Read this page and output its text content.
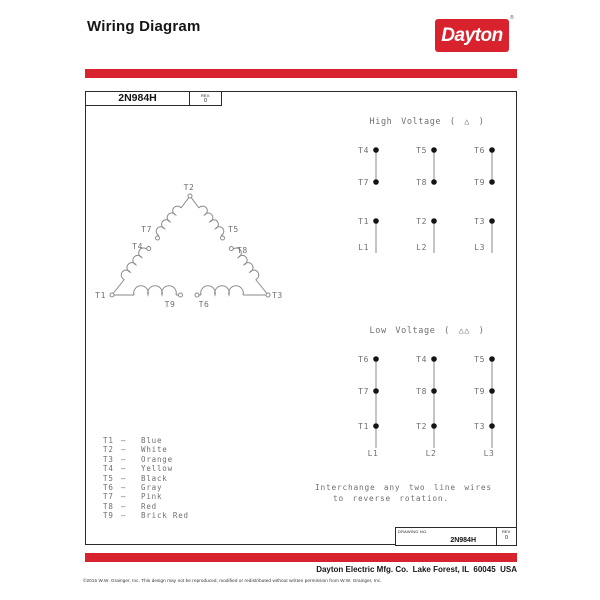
Wiring Diagram	Dayton
®
2N984H	REV.
0
T2
T7
T4
T5
T8
T1	T3
T9	T6
High Voltage ( △ )
T4
T7
T1
L1
T5
T8
T2
L2
T6
T9
T3
L3
Low Voltage ( △△ )
T6
T7
T1
L1
T4
T8
T2
L2
T5
T9
T3
L3
T1 —	Blue
T2 —	White
T3 —	Orange
T4 —	Yellow
T5 —	Black
T6 —	Gray
T7 —	Pink
T8 —	Red
T9 —	Brick Red
Interchange any two line wires
to reverse rotation.
DRAWING NO.
2N984H
REV.
0
Dayton Electric Mfg. Co.  Lake Forest, IL  60045  USA
©2015 W.W. Grainger, Inc. This design may not be reproduced, modified or redistributed without written permission from W.W. Grainger, Inc.
